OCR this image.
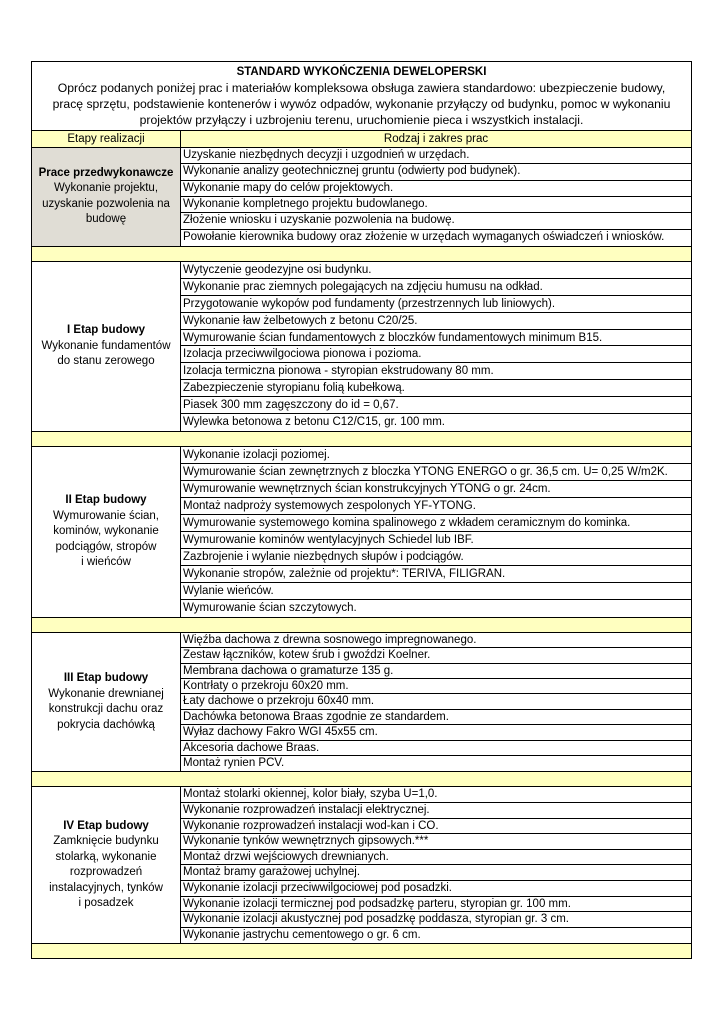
STANDARD WYKOŃCZENIA DEWELOPERSKI
Oprócz podanych poniżej prac i materiałów kompleksowa obsługa zawiera standardowo: ubezpieczenie budowy,
pracę sprzętu, podstawienie kontenerów i wywóz odpadów, wykonanie przyłączy od budynku, pomoc w wykonaniu
projektów przyłączy i uzbrojeniu terenu, uruchomienie pieca i wszystkich instalacji.
Etapy realizacji	Rodzaj i zakres prac
Prace przedwykonawcze
Wykonanie projektu,
uzyskanie pozwolenia na
budowę
Uzyskanie niezbędnych decyzji i uzgodnień w urzędach.
Wykonanie analizy geotechnicznej gruntu (odwierty pod budynek).
Wykonanie mapy do celów projektowych.
Wykonanie kompletnego projektu budowlanego.
Złożenie wniosku i uzyskanie pozwolenia na budowę.
Powołanie kierownika budowy oraz złożenie w urzędach wymaganych oświadczeń i wniosków.
I Etap budowy
Wykonanie fundamentów
do stanu zerowego
Wytyczenie geodezyjne osi budynku.
Wykonanie prac ziemnych polegających na zdjęciu humusu na odkład.
Przygotowanie wykopów pod fundamenty (przestrzennych lub liniowych).
Wykonanie ław żelbetowych z betonu C20/25.
Wymurowanie ścian fundamentowych z bloczków fundamentowych minimum B15.
Izolacja przeciwwilgociowa pionowa i pozioma.
Izolacja termiczna pionowa - styropian ekstrudowany 80 mm.
Zabezpieczenie styropianu folią kubełkową.
Piasek 300 mm zagęszczony do id = 0,67.
Wylewka betonowa z betonu C12/C15, gr. 100 mm.
II Etap budowy
Wymurowanie ścian,
kominów, wykonanie
podciągów, stropów
i wieńców
Wykonanie izolacji poziomej.
Wymurowanie ścian zewnętrznych z bloczka YTONG ENERGO o gr. 36,5 cm. U= 0,25 W/m2K.
Wymurowanie wewnętrznych ścian konstrukcyjnych YTONG o gr. 24cm.
Montaż nadproży systemowych zespolonych YF-YTONG.
Wymurowanie systemowego komina spalinowego z wkładem ceramicznym do kominka.
Wymurowanie kominów wentylacyjnych Schiedel lub IBF.
Zazbrojenie i wylanie niezbędnych słupów i podciągów.
Wykonanie stropów, zależnie od projektu*: TERIVA, FILIGRAN.
Wylanie wieńców.
Wymurowanie ścian szczytowych.
III Etap budowy
Wykonanie drewnianej
konstrukcji dachu oraz
pokrycia dachówką
Więźba dachowa z drewna sosnowego impregnowanego.
Zestaw łączników, kotew śrub i gwoździ Koelner.
Membrana dachowa o gramaturze 135 g.
Kontrłaty o przekroju 60x20 mm.
Łaty dachowe o przekroju 60x40 mm.
Dachówka betonowa Braas zgodnie ze standardem.
Wyłaz dachowy Fakro WGI 45x55 cm.
Akcesoria dachowe Braas.
Montaż rynien PCV.
IV Etap budowy
Zamknięcie budynku
stolarką, wykonanie
rozprowadzeń
instalacyjnych, tynków
i posadzek
Montaż stolarki okiennej, kolor biały, szyba U=1,0.
Wykonanie rozprowadzeń instalacji elektrycznej.
Wykonanie rozprowadzeń instalacji wod-kan i CO.
Wykonanie tynków wewnętrznych gipsowych.***
Montaż drzwi wejściowych drewnianych.
Montaż bramy garażowej uchylnej.
Wykonanie izolacji przeciwwilgociowej pod posadzki.
Wykonanie izolacji termicznej pod podsadzkę parteru, styropian gr. 100 mm.
Wykonanie izolacji akustycznej pod posadzkę poddasza, styropian gr. 3 cm.
Wykonanie jastrychu cementowego o gr. 6 cm.
